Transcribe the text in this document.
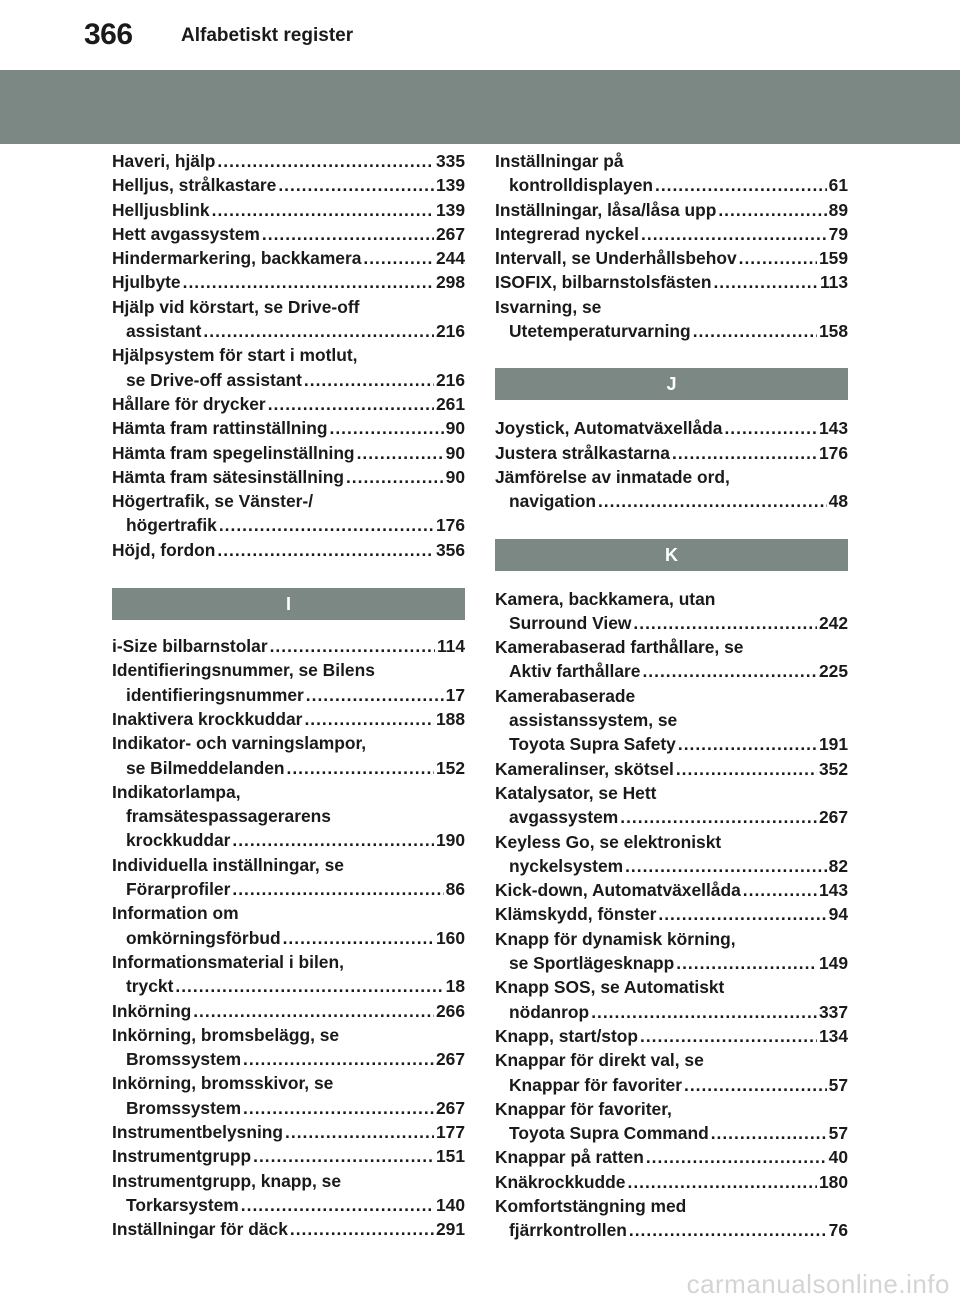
366	Alfabetiskt register
Haveri, hjälp .....	335
Helljus, strålkastare .....	139
Helljusblink .....	139
Hett avgassystem .....	267
Hindermarkering, backkamera .....	244
Hjulbyte .....	298
Hjälp vid körstart, se Drive-off
assistant .....	216
Hjälpsystem för start i motlut,
se Drive-off assistant .....	216
Hållare för drycker .....	261
Hämta fram rattinställning .....	90
Hämta fram spegelinställning .....	90
Hämta fram sätesinställning .....	90
Högertrafik, se Vänster-/
högertrafik .....	176
Höjd, fordon .....	356
I
i-Size bilbarnstolar .....	114
Identifieringsnummer, se Bilens
identifieringsnummer .....	17
Inaktivera krockkuddar .....	188
Indikator- och varningslampor,
se Bilmeddelanden .....	152
Indikatorlampa,
framsätespassagerarens
krockkuddar .....	190
Individuella inställningar, se
Förarprofiler .....	86
Information om
omkörningsförbud .....	160
Informationsmaterial i bilen,
tryckt .....	18
Inkörning .....	266
Inkörning, bromsbelägg, se
Bromssystem .....	267
Inkörning, bromsskivor, se
Bromssystem .....	267
Instrumentbelysning .....	177
Instrumentgrupp .....	151
Instrumentgrupp, knapp, se
Torkarsystem .....	140
Inställningar för däck .....	291
Inställningar på
kontrolldisplayen .....	61
Inställningar, låsa/låsa upp .....	89
Integrerad nyckel .....	79
Intervall, se Underhållsbehov .....	159
ISOFIX, bilbarnstolsfästen .....	113
Isvarning, se
Utetemperaturvarning .....	158
J
Joystick, Automatväxellåda .....	143
Justera strålkastarna .....	176
Jämförelse av inmatade ord,
navigation .....	48
K
Kamera, backkamera, utan
Surround View .....	242
Kamerabaserad farthållare, se
Aktiv farthållare .....	225
Kamerabaserade
assistanssystem, se
Toyota Supra Safety .....	191
Kameralinser, skötsel .....	352
Katalysator, se Hett
avgassystem .....	267
Keyless Go, se elektroniskt
nyckelsystem .....	82
Kick-down, Automatväxellåda .....	143
Klämskydd, fönster .....	94
Knapp för dynamisk körning,
se Sportlägesknapp .....	149
Knapp SOS, se Automatiskt
nödanrop .....	337
Knapp, start/stop .....	134
Knappar för direkt val, se
Knappar för favoriter .....	57
Knappar för favoriter,
Toyota Supra Command .....	57
Knappar på ratten .....	40
Knäkrockkudde .....	180
Komfortstängning med
fjärrkontrollen .....	76
carmanualsonline.info
